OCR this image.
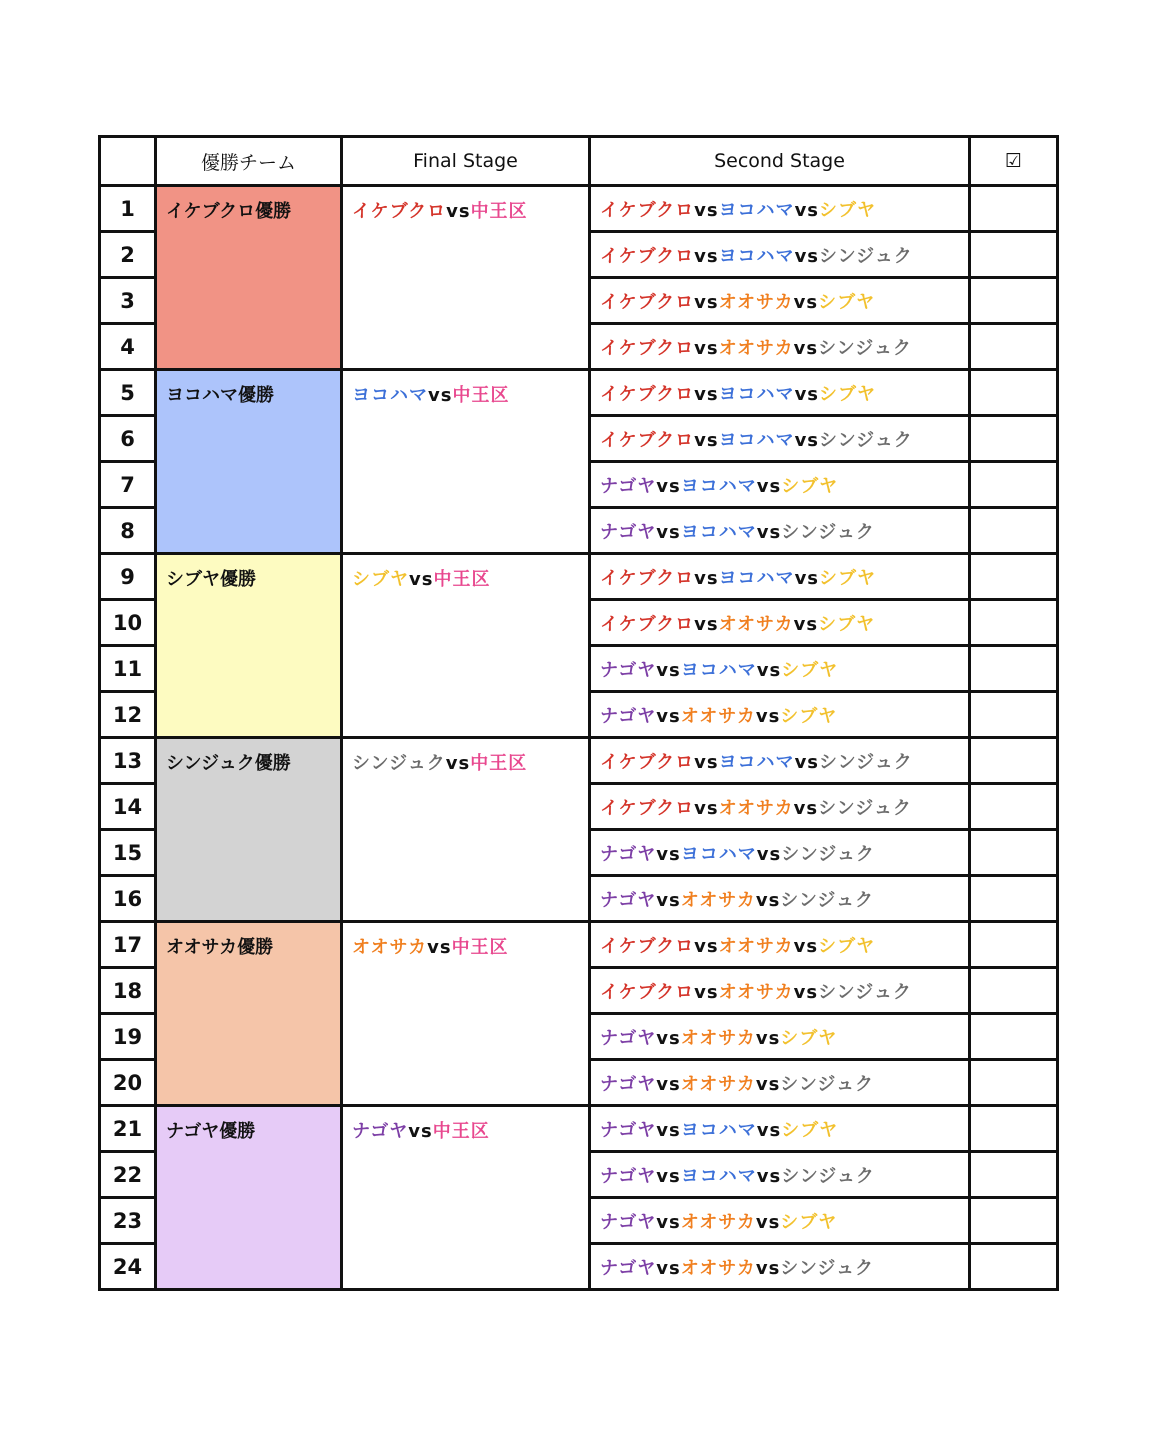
	優勝チーム	Final Stage	Second Stage	☑
1	イケブクロ優勝	イケブクロvs中王区	イケブクロvsヨコハマvsシブヤ	
2			イケブクロvsヨコハマvsシンジュク	
3			イケブクロvsオオサカvsシブヤ	
4			イケブクロvsオオサカvsシンジュク	
5	ヨコハマ優勝	ヨコハマvs中王区	イケブクロvsヨコハマvsシブヤ	
6			イケブクロvsヨコハマvsシンジュク	
7			ナゴヤvsヨコハマvsシブヤ	
8			ナゴヤvsヨコハマvsシンジュク	
9	シブヤ優勝	シブヤvs中王区	イケブクロvsヨコハマvsシブヤ	
10			イケブクロvsオオサカvsシブヤ	
11			ナゴヤvsヨコハマvsシブヤ	
12			ナゴヤvsオオサカvsシブヤ	
13	シンジュク優勝	シンジュクvs中王区	イケブクロvsヨコハマvsシンジュク	
14			イケブクロvsオオサカvsシンジュク	
15			ナゴヤvsヨコハマvsシンジュク	
16			ナゴヤvsオオサカvsシンジュク	
17	オオサカ優勝	オオサカvs中王区	イケブクロvsオオサカvsシブヤ	
18			イケブクロvsオオサカvsシンジュク	
19			ナゴヤvsオオサカvsシブヤ	
20			ナゴヤvsオオサカvsシンジュク	
21	ナゴヤ優勝	ナゴヤvs中王区	ナゴヤvsヨコハマvsシブヤ	
22			ナゴヤvsヨコハマvsシンジュク	
23			ナゴヤvsオオサカvsシブヤ	
24			ナゴヤvsオオサカvsシンジュク	
